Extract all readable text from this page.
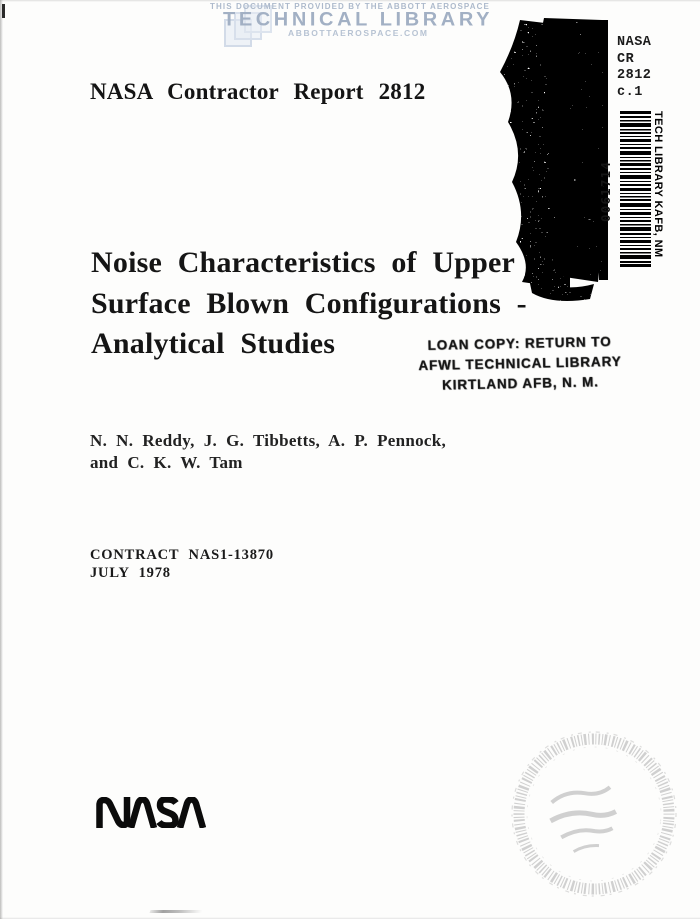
THIS DOCUMENT PROVIDED BY THE ABBOTT AEROSPACE
TECHNICAL LIBRARY
ABBOTTAEROSPACE.COM
NASA Contractor Report 2812
NASA
CR
2812
c.1
0061714	TECH LIBRARY KAFB, NM
Noise Characteristics of Upper
Surface Blown Configurations -
Analytical Studies	LOAN COPY: RETURN TO
AFWL TECHNICAL LIBRARY
KIRTLAND AFB, N. M.
N. N. Reddy, J. G. Tibbetts, A. P. Pennock,
and C. K. W. Tam
CONTRACT NAS1-13870
JULY 1978
